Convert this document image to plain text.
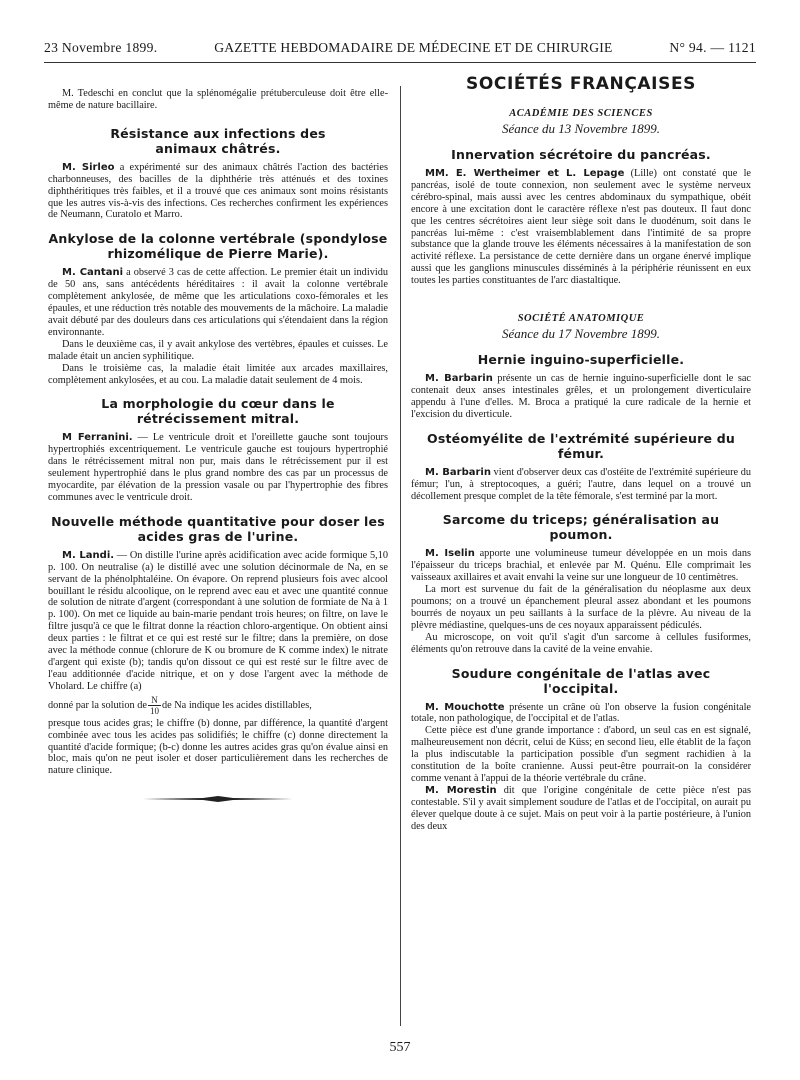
23 Novembre 1899.	GAZETTE HEBDOMADAIRE DE MÉDECINE ET DE CHIRURGIE	N° 94. — 1121

M. Tedeschi en conclut que la splénomégalie prétuberculeuse doit être elle-même de nature bacillaire.

Résistance aux infections des animaux châtrés.

M. Sirleo a expérimenté sur des animaux châtrés l'action des bactéries charbonneuses, des bacilles de la diphthérie très atténués et des toxines diphthéritiques très faibles, et il a trouvé que ces animaux sont moins résistants que les autres vis-à-vis des infections. Ces recherches confirment les expériences de Neumann, Curatolo et Marro.

Ankylose de la colonne vertébrale (spondylose rhizomélique de Pierre Marie).

M. Cantani a observé 3 cas de cette affection. Le premier était un individu de 50 ans, sans antécédents héréditaires : il avait la colonne vertébrale complètement ankylosée, de même que les articulations coxo-fémorales et les épaules, et une réduction très notable des mouvements de la mâchoire. La maladie avait débuté par des douleurs dans ces articulations qui s'étendaient dans la région environnante.

Dans le deuxième cas, il y avait ankylose des vertèbres, épaules et cuisses. Le malade était un ancien syphilitique.

Dans le troisième cas, la maladie était limitée aux arcades maxillaires, complètement ankylosées, et au cou. La maladie datait seulement de 4 mois.

La morphologie du cœur dans le rétrécissement mitral.

M Ferranini. — Le ventricule droit et l'oreillette gauche sont toujours hypertrophiés excentriquement. Le ventricule gauche est toujours hypertrophié dans le rétrécissement mitral non pur, mais dans le rétrécissement pur il est seulement hypertrophié dans le plus grand nombre des cas par un processus de myocardite, par élévation de la pression vasale ou par l'hypertrophie des fibres communes avec le ventricule droit.

Nouvelle méthode quantitative pour doser les acides gras de l'urine.

M. Landi. — On distille l'urine après acidification avec acide formique 5,10 p. 100. On neutralise (a) le distillé avec une solution décinormale de Na, en se servant de la phénolphtaléine. On évapore. On reprend plusieurs fois avec alcool bouillant le résidu alcoolique, on le reprend avec eau et avec une quantité connue de solution de nitrate d'argent (correspondant à une solution de formiate de Na à 1 p. 100). On met ce liquide au bain-marie pendant trois heures; on filtre, on lave le filtre jusqu'à ce que le filtrat donne la réaction chloro-argentique. On obtient ainsi deux parties : le filtrat et ce qui est resté sur le filtre; dans la première, on dose avec la méthode connue (chlorure de K ou bromure de K comme index) le nitrate d'argent qui existe (b); tandis qu'on dissout ce qui est resté sur le filtre avec de l'eau additionnée d'acide nitrique, et on y dose l'argent avec la méthode de Vholard. Le chiffre (a)

donné par la solution de $\frac{N}{10}$ de Na indique les acides distillables,

presque tous acides gras; le chiffre (b) donne, par différence, la quantité d'argent combinée avec tous les acides pas solidifiés; le chiffre (c) donne directement la quantité d'acide formique; (b-c) donne les autres acides gras qu'on évalue ainsi en bloc, mais qu'on ne peut isoler et doser particulièrement dans les recherches de nature clinique.

SOCIÉTÉS FRANÇAISES
ACADÉMIE DES SCIENCES
Séance du 13 Novembre 1899.
Innervation sécrétoire du pancréas.

MM. E. Wertheimer et L. Lepage (Lille) ont constaté que le pancréas, isolé de toute connexion, non seulement avec le système nerveux cérébro-spinal, mais aussi avec les centres abdominaux du sympathique, obéit encore à une excitation dont le caractère réflexe n'est pas douteux. Il faut donc que les centres sécrétoires aient leur siège soit dans le duodénum, soit dans le pancréas lui-même : c'est vraisemblablement dans l'intimité de sa propre substance que la glande trouve les éléments nécessaires à la manifestation de son activité réflexe. La persistance de cette dernière dans un organe énervé implique aussi que les ganglions minuscules disséminés à la périphérie réunissent en eux toutes les parties constituantes de l'arc diastaltique.

SOCIÉTÉ ANATOMIQUE
Séance du 17 Novembre 1899.
Hernie inguino-superficielle.

M. Barbarin présente un cas de hernie inguino-superficielle dont le sac contenait deux anses intestinales grêles, et un prolongement diverticulaire appendu à l'une d'elles. M. Broca a pratiqué la cure radicale de la hernie et l'excision du diverticule.

Ostéomyélite de l'extrémité supérieure du fémur.

M. Barbarin vient d'observer deux cas d'ostéite de l'extrémité supérieure du fémur; l'un, à streptocoques, a guéri; l'autre, dans lequel on a trouvé un décollement presque complet de la tête fémorale, s'est terminé par la mort.

Sarcome du triceps; généralisation au poumon.

M. Iselin apporte une volumineuse tumeur développée en un mois dans l'épaisseur du triceps brachial, et enlevée par M. Quénu. Elle comprimait les vaisseaux axillaires et avait envahi la veine sur une longueur de 10 centimètres.

La mort est survenue du fait de la généralisation du néoplasme aux deux poumons; on a trouvé un épanchement pleural assez abondant et les poumons bourrés de noyaux un peu saillants à la surface de la plèvre. Au niveau de la plèvre médiastine, quelques-uns de ces noyaux apparaissent pédiculés.

Au microscope, on voit qu'il s'agit d'un sarcome à cellules fusiformes, éléments qu'on retrouve dans la cavité de la veine envahie.

Soudure congénitale de l'atlas avec l'occipital.

M. Mouchotte présente un crâne où l'on observe la fusion congénitale totale, non pathologique, de l'occipital et de l'atlas.

Cette pièce est d'une grande importance : d'abord, un seul cas en est signalé, malheureusement non décrit, celui de Küss; en second lieu, elle établit de la façon la plus indiscutable la participation possible d'un segment rachidien à la constitution de la boîte cranienne. Aussi peut-être pourrait-on la considérer comme venant à l'appui de la théorie vertébrale du crâne.

M. Morestin dit que l'origine congénitale de cette pièce n'est pas contestable. S'il y avait simplement soudure de l'atlas et de l'occipital, on aurait pu élever quelque doute à ce sujet. Mais on peut voir à la partie postérieure, à l'union des deux

557
